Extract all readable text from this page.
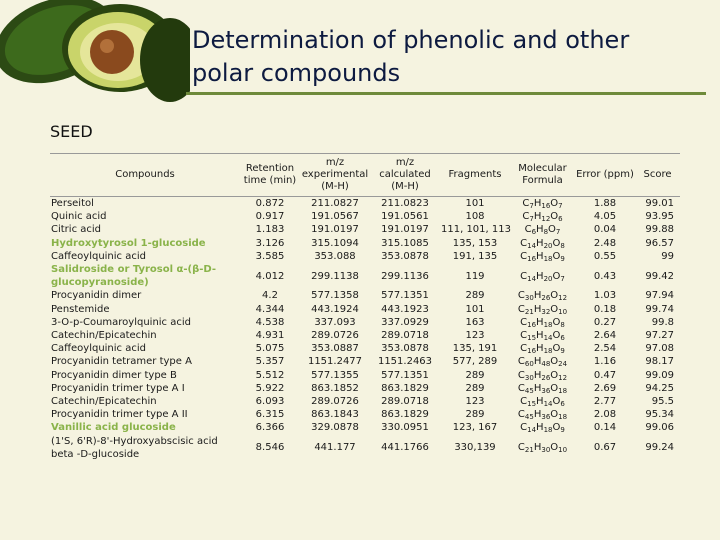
Determination of phenolic and other polar compounds
SEED
Compounds	Retention time (min)	m/z experimental (M-H)	m/z calculated (M-H)	Fragments	Molecular Formula	Error (ppm)	Score
Perseitol	0.872	211.0827	211.0823	101	$C_7H_{16}O_7$	1.88	99.01
Quinic acid	0.917	191.0567	191.0561	108	$C_7H_{12}O_6$	4.05	93.95
Citric acid	1.183	191.0197	191.0197	111, 101, 113	$C_6H_8O_7$	0.04	99.88
Hydroxytyrosol 1-glucoside	3.126	315.1094	315.1085	135, 153	$C_{14}H_{20}O_8$	2.48	96.57
Caffeoylquinic acid	3.585	353.088	353.0878	191, 135	$C_{16}H_{18}O_9$	0.55	99
Salidroside or Tyrosol α-(β-D-glucopyranoside)	4.012	299.1138	299.1136	119	$C_{14}H_{20}O_7$	0.43	99.42
Procyanidin dimer	4.2	577.1358	577.1351	289	$C_{30}H_{26}O_{12}$	1.03	97.94
Penstemide	4.344	443.1924	443.1923	101	$C_{21}H_{32}O_{10}$	0.18	99.74
3-O-p-Coumaroylquinic acid	4.538	337.093	337.0929	163	$C_{16}H_{18}O_8$	0.27	99.8
Catechin/Epicatechin	4.931	289.0726	289.0718	123	$C_{15}H_{14}O_6$	2.64	97.27
Caffeoylquinic acid	5.075	353.0887	353.0878	135, 191	$C_{16}H_{18}O_9$	2.54	97.08
Procyanidin tetramer type A	5.357	1151.2477	1151.2463	577, 289	$C_{60}H_{48}O_{24}$	1.16	98.17
Procyanidin dimer type B	5.512	577.1355	577.1351	289	$C_{30}H_{26}O_{12}$	0.47	99.09
Procyanidin trimer type A I	5.922	863.1852	863.1829	289	$C_{45}H_{36}O_{18}$	2.69	94.25
Catechin/Epicatechin	6.093	289.0726	289.0718	123	$C_{15}H_{14}O_6$	2.77	95.5
Procyanidin trimer type A II	6.315	863.1843	863.1829	289	$C_{45}H_{36}O_{18}$	2.08	95.34
Vanillic acid glucoside	6.366	329.0878	330.0951	123, 167	$C_{14}H_{18}O_9$	0.14	99.06
(1'S, 6'R)-8'-Hydroxyabscisic acid beta -D-glucoside	8.546	441.177	441.1766	330,139	$C_{21}H_{30}O_{10}$	0.67	99.24
